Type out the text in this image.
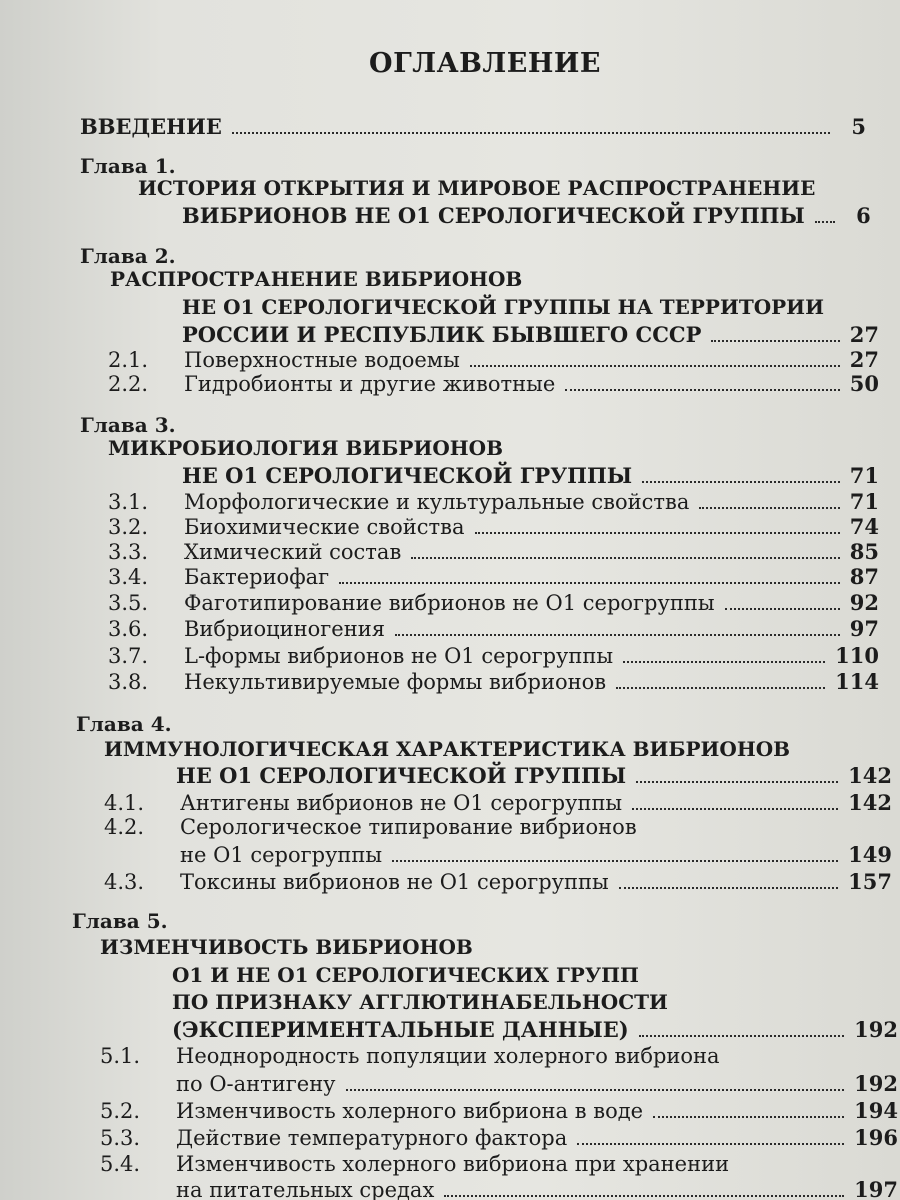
ОГЛАВЛЕНИЕ
ВВЕДЕНИЕ	5
Глава 1.
ИСТОРИЯ ОТКРЫТИЯ И МИРОВОЕ РАСПРОСТРАНЕНИЕ
ВИБРИОНОВ НЕ О1 СЕРОЛОГИЧЕСКОЙ ГРУППЫ	6
Глава 2.
РАСПРОСТРАНЕНИЕ ВИБРИОНОВ
НЕ О1 СЕРОЛОГИЧЕСКОЙ ГРУППЫ НА ТЕРРИТОРИИ
РОССИИ И РЕСПУБЛИК БЫВШЕГО СССР	27
2.1.	Поверхностные водоемы	27
2.2.	Гидробионты и другие животные	50
Глава 3.
МИКРОБИОЛОГИЯ ВИБРИОНОВ
НЕ О1 СЕРОЛОГИЧЕСКОЙ ГРУППЫ	71
3.1.	Морфологические и культуральные свойства	71
3.2.	Биохимические свойства	74
3.3.	Химический состав	85
3.4.	Бактериофаг	87
3.5.	Фаготипирование вибрионов не О1 серогруппы	92
3.6.	Вибриоциногения	97
3.7.	L-формы вибрионов не О1 серогруппы	110
3.8.	Некультивируемые формы вибрионов	114
Глава 4.
ИММУНОЛОГИЧЕСКАЯ ХАРАКТЕРИСТИКА ВИБРИОНОВ
НЕ О1 СЕРОЛОГИЧЕСКОЙ ГРУППЫ	142
4.1.	Антигены вибрионов не О1 серогруппы	142
4.2.	Серологическое типирование вибрионов
не О1 серогруппы	149
4.3.	Токсины вибрионов не О1 серогруппы	157
Глава 5.
ИЗМЕНЧИВОСТЬ ВИБРИОНОВ
О1 И НЕ О1 СЕРОЛОГИЧЕСКИХ ГРУПП
ПО ПРИЗНАКУ АГГЛЮТИНАБЕЛЬНОСТИ
(ЭКСПЕРИМЕНТАЛЬНЫЕ ДАННЫЕ)	192
5.1.	Неоднородность популяции холерного вибриона
по О-антигену	192
5.2.	Изменчивость холерного вибриона в воде	194
5.3.	Действие температурного фактора	196
5.4.	Изменчивость холерного вибриона при хранении
на питательных средах	197
